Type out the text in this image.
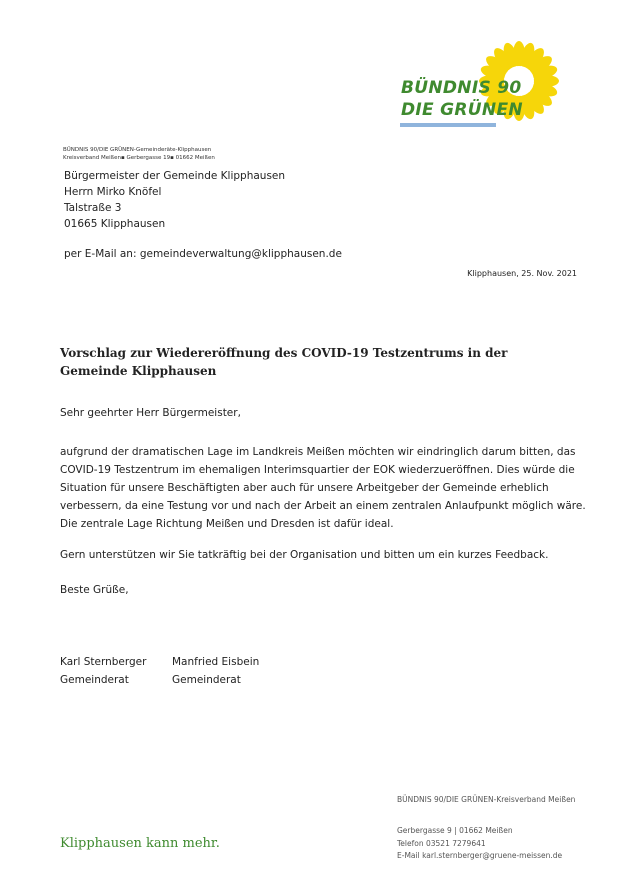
BÜNDNIS 90
DIE GRÜNEN
BÜNDNIS 90/DIE GRÜNEN-Gemeinderäte-Klipphausen
Kreisverband Meißen▪ Gerbergasse 19▪ 01662 Meißen
Bürgermeister der Gemeinde Klipphausen
Herrn Mirko Knöfel
Talstraße 3
01665 Klipphausen
per E-Mail an: gemeindeverwaltung@klipphausen.de
Klipphausen, 25. Nov. 2021
Vorschlag zur Wiedereröffnung des COVID-19 Testzentrums in der Gemeinde Klipphausen
Sehr geehrter Herr Bürgermeister,
aufgrund der dramatischen Lage im Landkreis Meißen möchten wir eindringlich darum bitten, das
COVID-19 Testzentrum im ehemaligen Interimsquartier der EOK wiederzueröffnen. Dies würde die
Situation für unsere Beschäftigten aber auch für unsere Arbeitgeber der Gemeinde erheblich
verbessern, da eine Testung vor und nach der Arbeit an einem zentralen Anlaufpunkt möglich wäre.
Die zentrale Lage Richtung Meißen und Dresden ist dafür ideal.
Gern unterstützen wir Sie tatkräftig bei der Organisation und bitten um ein kurzes Feedback.
Beste Grüße,
Karl Sternberger
Gemeinderat
Manfried Eisbein
Gemeinderat
BÜNDNIS 90/DIE GRÜNEN-Kreisverband Meißen
Gerbergasse 9 | 01662 Meißen
Telefon 03521 7279641
E-Mail karl.sternberger@gruene-meissen.de
Klipphausen kann mehr.
